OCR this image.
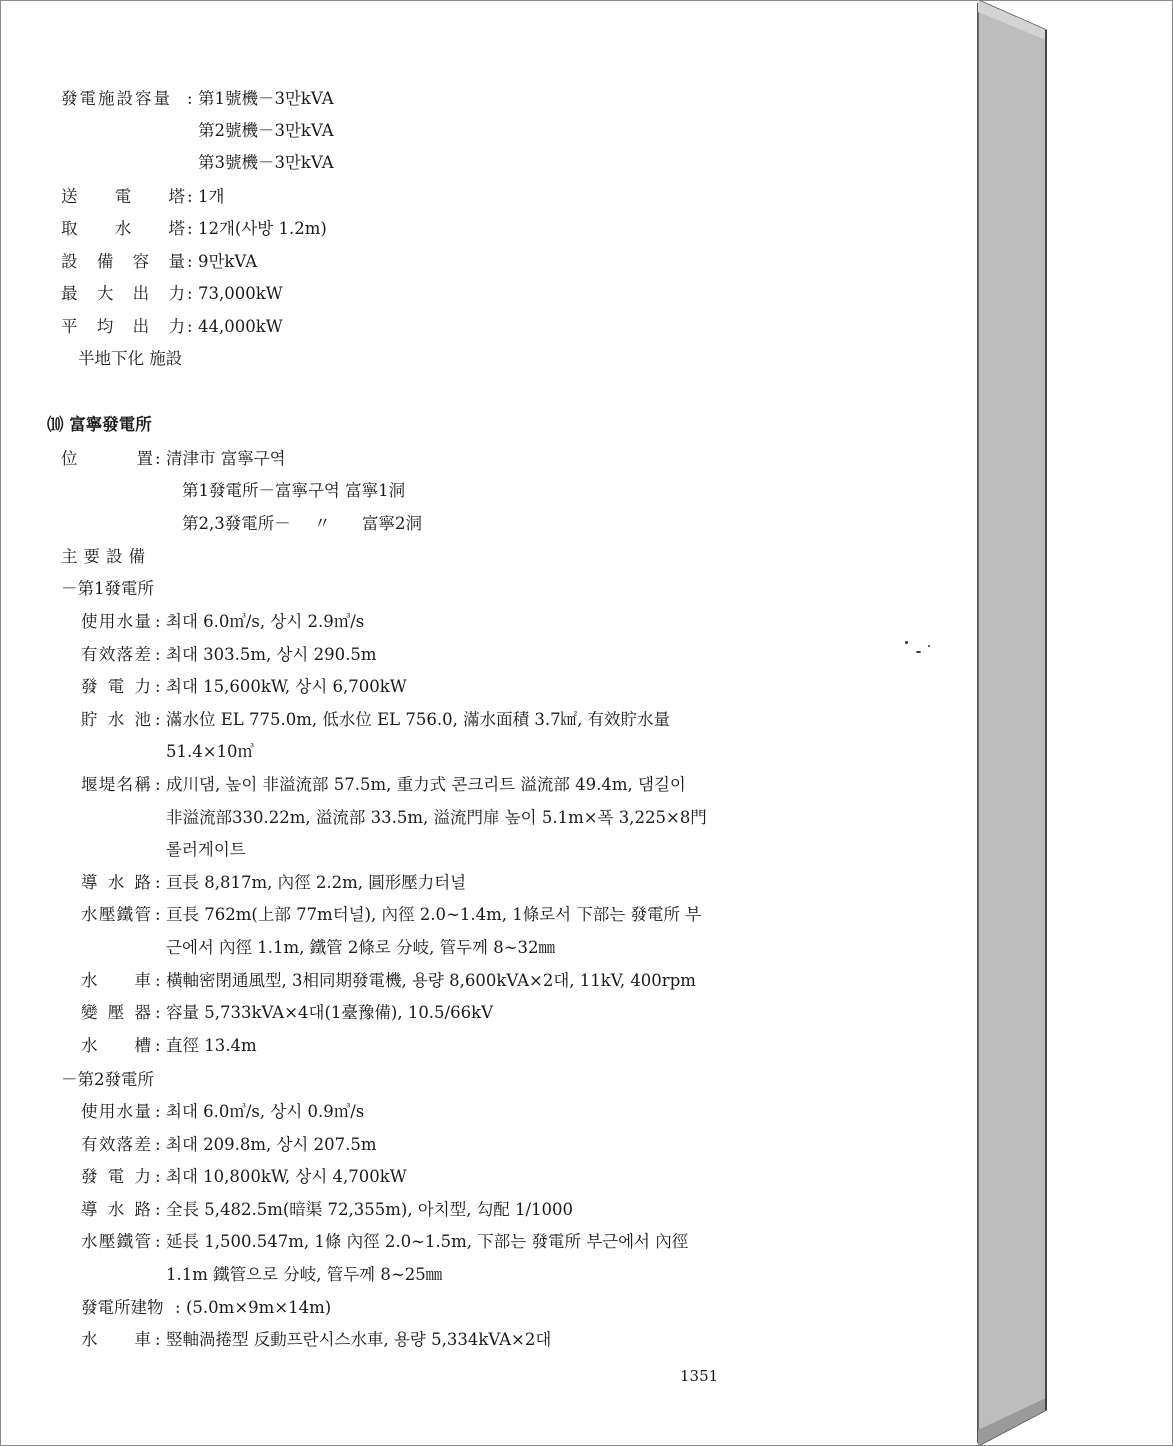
發電施設容量 : 第1號機－3만kVA
第2號機－3만kVA
第3號機－3만kVA
送 電 塔 : 1개
取 水 塔 : 12개(사방 1.2m)
設 備 容 量 : 9만kVA
最 大 出 力 : 73,000kW
平 均 出 力 : 44,000kW
半地下化 施設
⑽ 富寧發電所
位	置 : 清津市 富寧구역
第1發電所－富寧구역 富寧1洞
第2,3發電所－ 〃 富寧2洞
主要設備
－第1發電所
使 用 水 量 : 최대 6.0㎥/s, 상시 2.9㎥/s
有 效 落 差 : 최대 303.5m, 상시 290.5m
發 電 力 : 최대 15,600kW, 상시 6,700kW
貯 水 池 : 滿水位 EL 775.0m, 低水位 EL 756.0, 滿水面積 3.7㎢, 有效貯水量
51.4×10㎥
堰 堤 名 稱 : 成川댐, 높이 非溢流部 57.5m, 重力式 콘크리트 溢流部 49.4m, 댐길이
非溢流部330.22m, 溢流部 33.5m, 溢流門扉 높이 5.1m×폭 3,225×8門
롤러게이트
導 水 路 : 亘長 8,817m, 內徑 2.2m, 圓形壓力터널
水 壓 鐵 管 : 亘長 762m(上部 77m터널), 內徑 2.0∼1.4m, 1條로서 下部는 發電所 부
근에서 內徑 1.1m, 鐵管 2條로 分岐, 管두께 8∼32㎜
水 車 : 橫軸密閉通風型, 3相同期發電機, 용량 8,600kVA×2대, 11kV, 400rpm
變 壓 器 : 容量 5,733kVA×4대(1臺豫備), 10.5/66kV
水 槽 : 直徑 13.4m
－第2發電所
使 用 水 量 : 최대 6.0㎥/s, 상시 0.9㎥/s
有 效 落 差 : 최대 209.8m, 상시 207.5m
發 電 力 : 최대 10,800kW, 상시 4,700kW
導 水 路 : 全長 5,482.5m(暗渠 72,355m), 아치型, 勾配 1/1000
水 壓 鐵 管 : 延長 1,500.547m, 1條 內徑 2.0∼1.5m, 下部는 發電所 부근에서 內徑
1.1m 鐵管으로 分岐, 管두께 8∼25㎜
發電所建物 : (5.0m×9m×14m)
水 車 : 竪軸渦捲型 反動프란시스水車, 용량 5,334kVA×2대
1351
